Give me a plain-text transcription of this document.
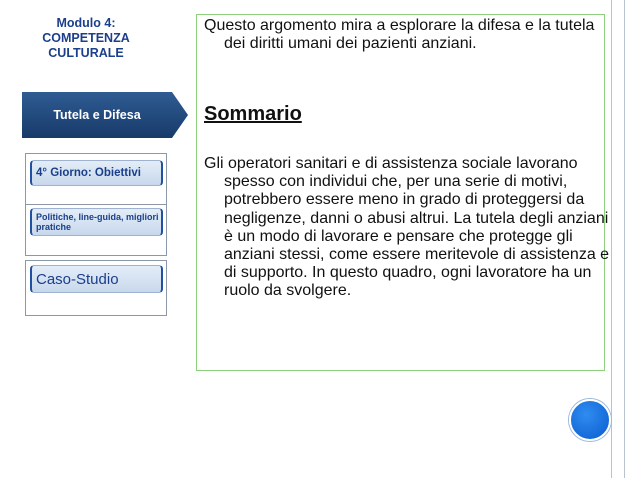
Modulo 4:
COMPETENZA
CULTURALE
Tutela e Difesa
4° Giorno: Obiettivi
Politiche, line-guida, migliori pratiche
Caso-Studio

Questo argomento mira a esplorare la difesa e la tutela dei diritti umani dei pazienti anziani.

Sommario

Gli operatori sanitari e di assistenza sociale lavorano spesso con individui che, per una serie di motivi, potrebbero essere meno in grado di proteggersi da negligenze, danni o abusi altrui. La tutela degli anziani è un modo di lavorare e pensare che protegge gli anziani stessi, come essere meritevole di assistenza e di supporto. In questo quadro, ogni lavoratore ha un ruolo da svolgere.
